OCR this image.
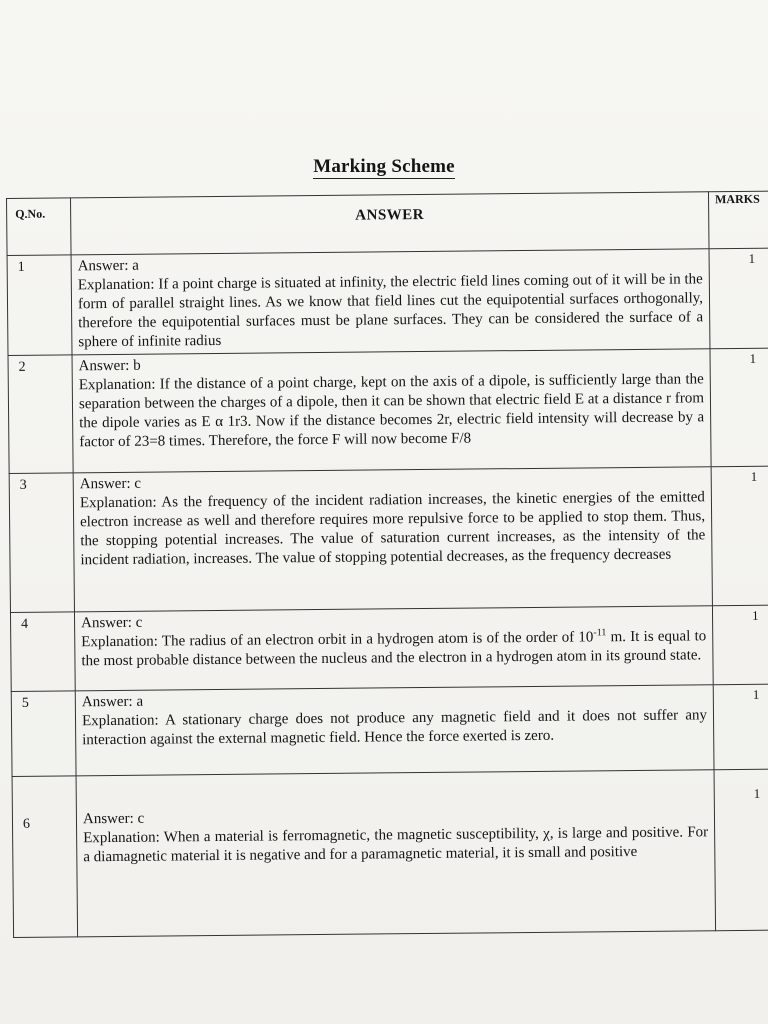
Marking Scheme
Q.No.	ANSWER	MARKS
1	Answer: a
Explanation: If a point charge is situated at infinity, the electric field lines coming out of it will be in the form of parallel straight lines. As we know that field lines cut the equipotential surfaces orthogonally, therefore the equipotential surfaces must be plane surfaces. They can be considered the surface of a sphere of infinite radius	1
2	Answer: b
Explanation: If the distance of a point charge, kept on the axis of a dipole, is sufficiently large than the separation between the charges of a dipole, then it can be shown that electric field E at a distance r from the dipole varies as E α 1r3. Now if the distance becomes 2r, electric field intensity will decrease by a factor of 23=8 times. Therefore, the force F will now become F/8	1
3	Answer: c
Explanation: As the frequency of the incident radiation increases, the kinetic energies of the emitted electron increase as well and therefore requires more repulsive force to be applied to stop them. Thus, the stopping potential increases. The value of saturation current increases, as the intensity of the incident radiation, increases. The value of stopping potential decreases, as the frequency decreases	1
4	Answer: c
Explanation: The radius of an electron orbit in a hydrogen atom is of the order of $10^{-11}$ m. It is equal to the most probable distance between the nucleus and the electron in a hydrogen atom in its ground state.	1
5	Answer: a
Explanation: A stationary charge does not produce any magnetic field and it does not suffer any interaction against the external magnetic field. Hence the force exerted is zero.	1
6	Answer: c
Explanation: When a material is ferromagnetic, the magnetic susceptibility, χ, is large and positive. For a diamagnetic material it is negative and for a paramagnetic material, it is small and positive	1
